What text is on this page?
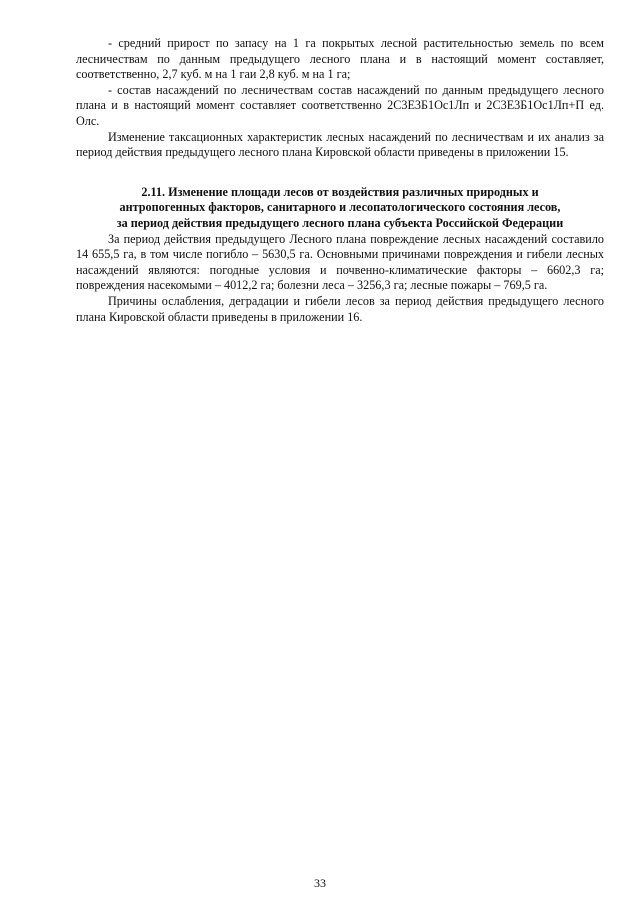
- средний прирост по запасу на 1 га покрытых лесной растительностью земель по всем лесничествам по данным предыдущего лесного плана и в настоящий момент составляет, соответственно, 2,7 куб. м на 1 гаи 2,8 куб. м на 1 га;

- состав насаждений по лесничествам состав насаждений по данным предыдущего лесного плана и в настоящий момент составляет соответственно 2С3Е3Б1Ос1Лп и 2С3Е3Б1Ос1Лп+П ед. Олс.

Изменение таксационных характеристик лесных насаждений по лесничествам и их анализ за период действия предыдущего лесного плана Кировской области приведены в приложении 15.

2.11. Изменение площади лесов от воздействия различных природных и
антропогенных факторов, санитарного и лесопатологического состояния лесов,
за период действия предыдущего лесного плана субъекта Российской Федерации

За период действия предыдущего Лесного плана повреждение лесных насаждений составило 14 655,5 га, в том числе погибло – 5630,5 га. Основными причинами повреждения и гибели лесных насаждений являются: погодные условия и почвенно-климатические факторы – 6602,3 га; повреждения насекомыми – 4012,2 га; болезни леса – 3256,3 га; лесные пожары – 769,5 га.

Причины ослабления, деградации и гибели лесов за период действия предыдущего лесного плана Кировской области приведены в приложении 16.

33
